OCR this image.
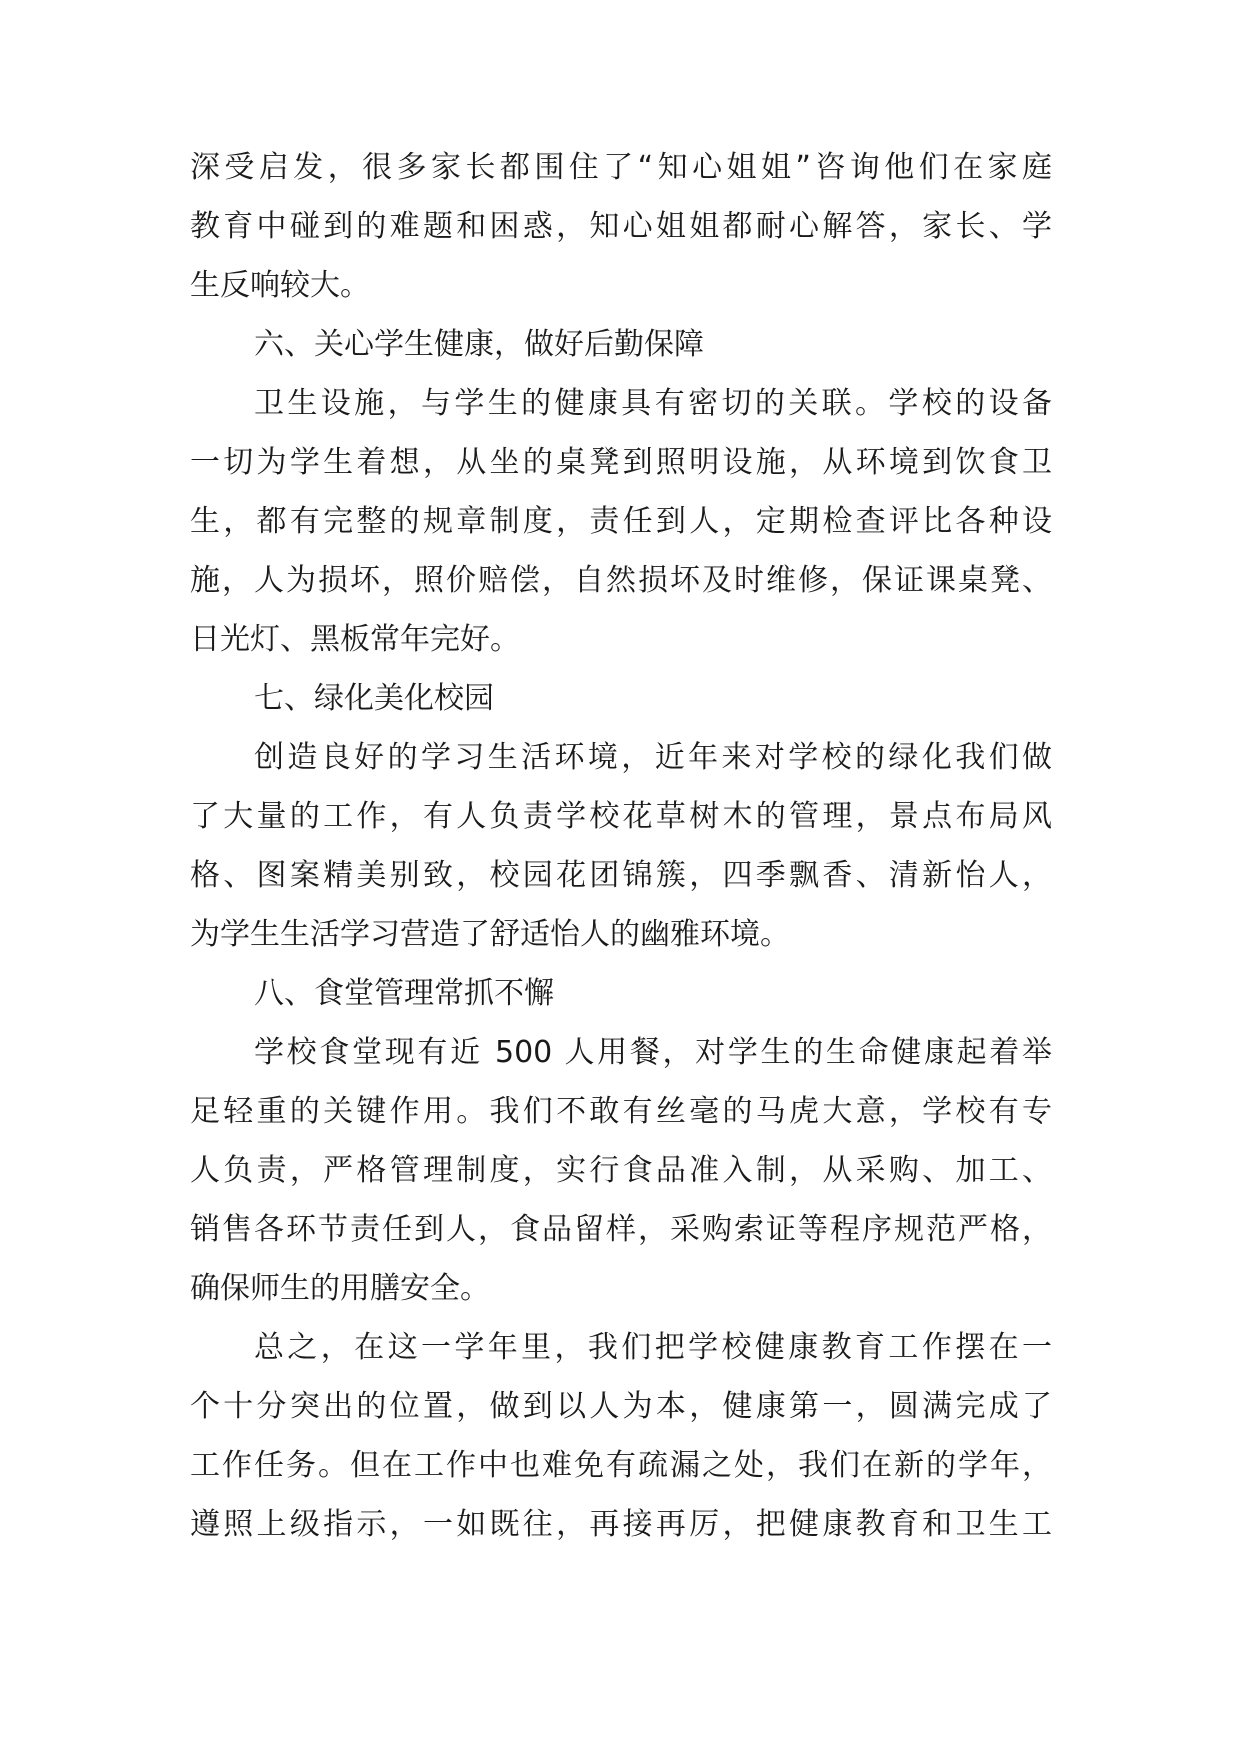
深受启发，很多家长都围住了“知心姐姐”咨询他们在家庭
教育中碰到的难题和困惑，知心姐姐都耐心解答，家长、学
生反响较大。
六、关心学生健康，做好后勤保障
卫生设施，与学生的健康具有密切的关联。学校的设备
一切为学生着想，从坐的桌凳到照明设施，从环境到饮食卫
生，都有完整的规章制度，责任到人，定期检查评比各种设
施，人为损坏，照价赔偿，自然损坏及时维修，保证课桌凳、
日光灯、黑板常年完好。
七、绿化美化校园
创造良好的学习生活环境，近年来对学校的绿化我们做
了大量的工作，有人负责学校花草树木的管理，景点布局风
格、图案精美别致，校园花团锦簇，四季飘香、清新怡人，
为学生生活学习营造了舒适怡人的幽雅环境。
八、食堂管理常抓不懈
学校食堂现有近 500 人用餐，对学生的生命健康起着举
足轻重的关键作用。我们不敢有丝毫的马虎大意，学校有专
人负责，严格管理制度，实行食品准入制，从采购、加工、
销售各环节责任到人，食品留样，采购索证等程序规范严格，
确保师生的用膳安全。
总之，在这一学年里，我们把学校健康教育工作摆在一
个十分突出的位置，做到以人为本，健康第一，圆满完成了
工作任务。但在工作中也难免有疏漏之处，我们在新的学年，
遵照上级指示，一如既往，再接再厉，把健康教育和卫生工
